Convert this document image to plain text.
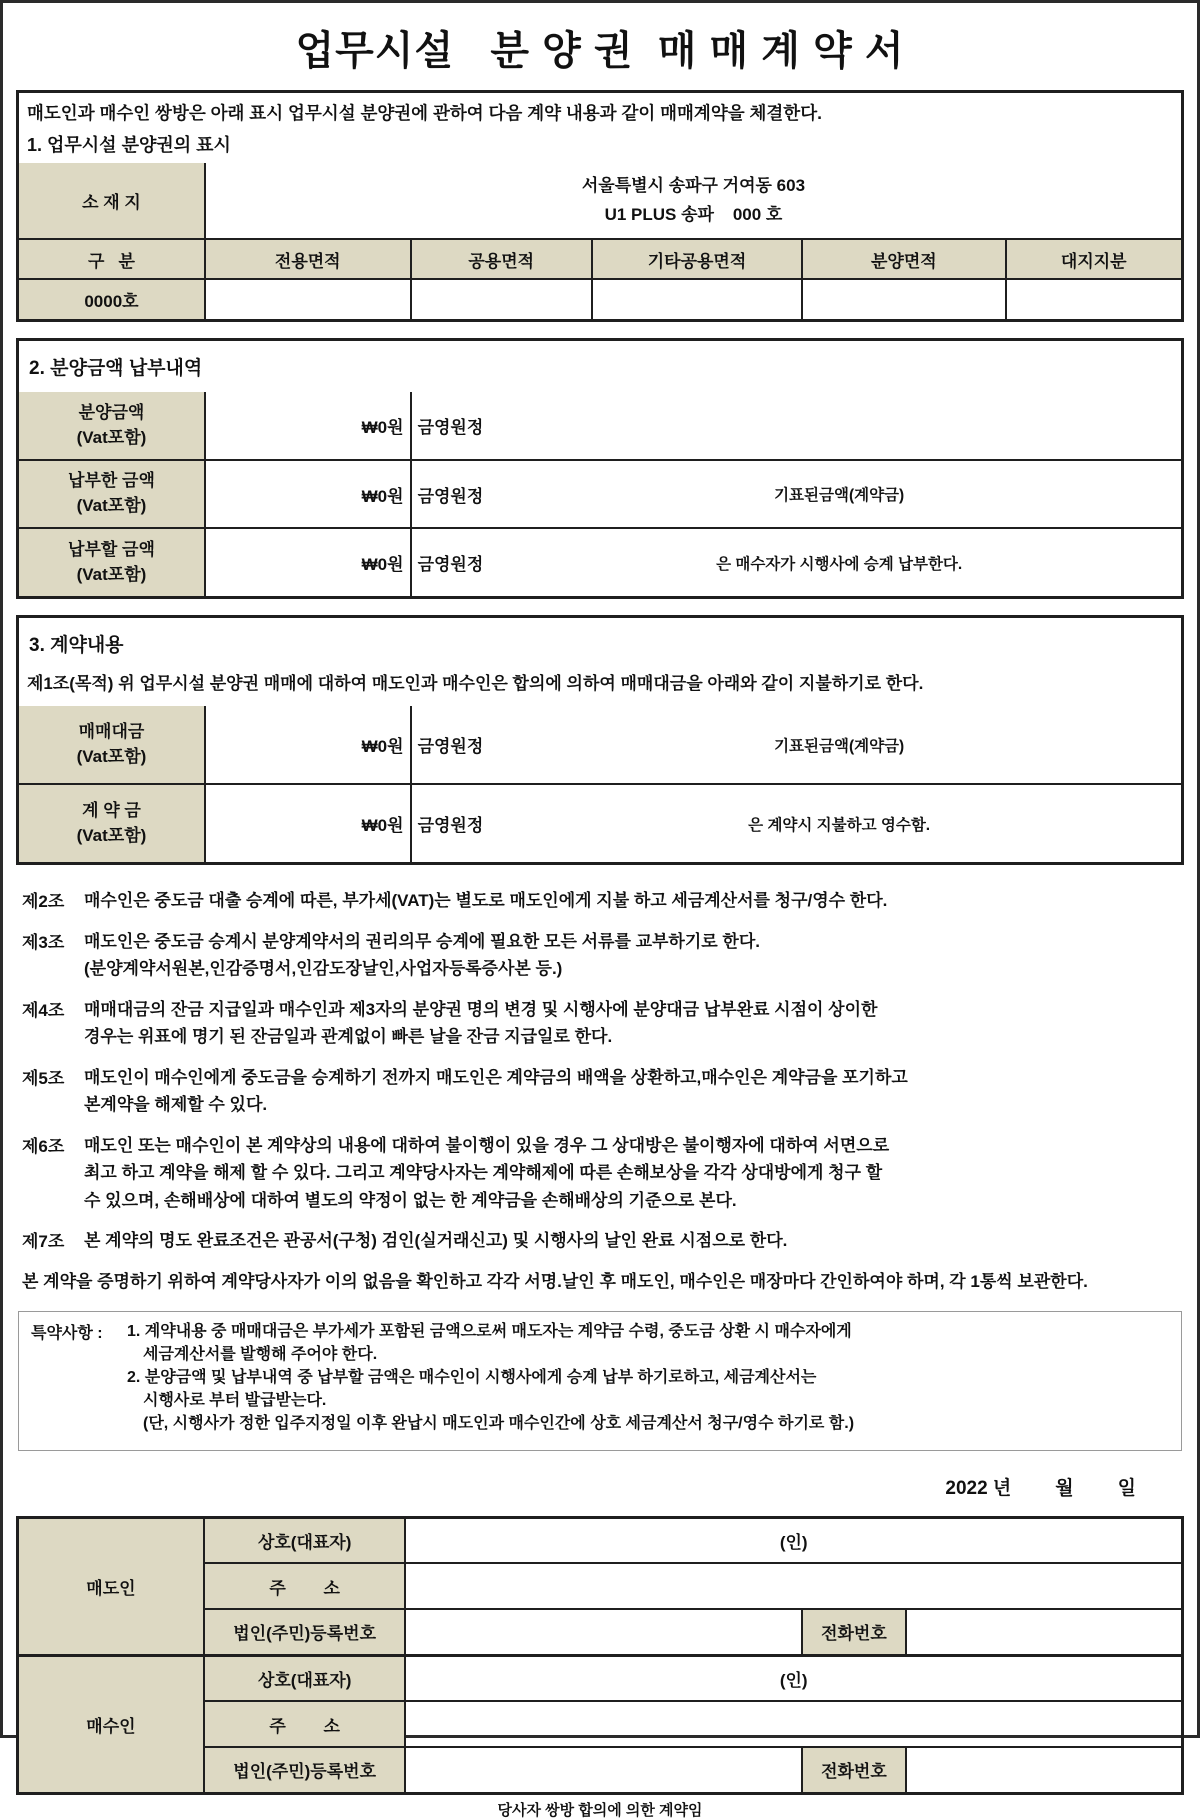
업무시설   분 양 권  매 매 계 약 서
매도인과 매수인 쌍방은 아래 표시 업무시설 분양권에 관하여 다음 계약 내용과 같이 매매계약을 체결한다.
1. 업무시설 분양권의 표시
소 재 지	서울특별시 송파구 거여동 603
U1 PLUS 송파    000 호				

구   분	전용면적	공용면적	기타공용면적	분양면적	대지지분
0000호					
2. 분양금액 납부내역
분양금액
(Vat포함)	₩0원	금영원정

납부한 금액
(Vat포함)	₩0원	금영원정	기표된금액(계약금)

납부할 금액
(Vat포함)	₩0원	금영원정	은 매수자가 시행사에 승계 납부한다.
3. 계약내용
제1조(목적) 위 업무시설 분양권 매매에 대하여 매도인과 매수인은 합의에 의하여 매매대금을 아래와 같이 지불하기로 한다.
매매대금
(Vat포함)	₩0원	금영원정	기표된금액(계약금)

계 약 금
(Vat포함)	₩0원	금영원정	은 계약시 지불하고 영수함.
제2조	매수인은 중도금 대출 승계에 따른, 부가세(VAT)는 별도로 매도인에게 지불 하고 세금계산서를 청구/영수 한다.
제3조	매도인은 중도금 승계시 분양계약서의 권리의무 승계에 필요한 모든 서류를 교부하기로 한다.
(분양계약서원본,인감증명서,인감도장날인,사업자등록증사본 등.)
제4조	매매대금의 잔금 지급일과 매수인과 제3자의 분양권 명의 변경 및 시행사에 분양대금 납부완료 시점이 상이한
경우는 위표에 명기 된 잔금일과 관계없이 빠른 날을 잔금 지급일로 한다.
제5조	매도인이 매수인에게 중도금을 승계하기 전까지 매도인은 계약금의 배액을 상환하고,매수인은 계약금을 포기하고
본계약을 해제할 수 있다.
제6조	매도인 또는 매수인이 본 계약상의 내용에 대하여 불이행이 있을 경우 그 상대방은 불이행자에 대하여 서면으로
최고 하고 계약을 해제 할 수 있다. 그리고 계약당사자는 계약해제에 따른 손해보상을 각각 상대방에게 청구 할
수 있으며, 손해배상에 대하여 별도의 약정이 없는 한 계약금을 손해배상의 기준으로 본다.
제7조	본 계약의 명도 완료조건은 관공서(구청) 검인(실거래신고) 및 시행사의 날인 완료 시점으로 한다.
본 계약을 증명하기 위하여 계약당사자가 이의 없음을 확인하고 각각 서명.날인 후 매도인, 매수인은 매장마다 간인하여야 하며, 각 1통씩 보관한다.
특약사항 :	1. 계약내용 중 매매대금은 부가세가 포함된 금액으로써 매도자는 계약금 수령, 중도금 상환 시 매수자에게
세금계산서를 발행해 주어야 한다.
2. 분양금액 및 납부내역 중 납부할 금액은 매수인이 시행사에게 승계 납부 하기로하고, 세금계산서는
시행사로 부터 발급받는다.
(단, 시행사가 정한 입주지정일 이후 완납시 매도인과 매수인간에 상호 세금계산서 청구/영수 하기로 함.)
2022 년 월 일
매도인	상호(대표자)	(인)		
	주        소			
	법인(주민)등록번호		전화번호	
매수인	상호(대표자)	(인)		
	주        소			
	법인(주민)등록번호		전화번호	
당사자 쌍방 합의에 의한 계약임
